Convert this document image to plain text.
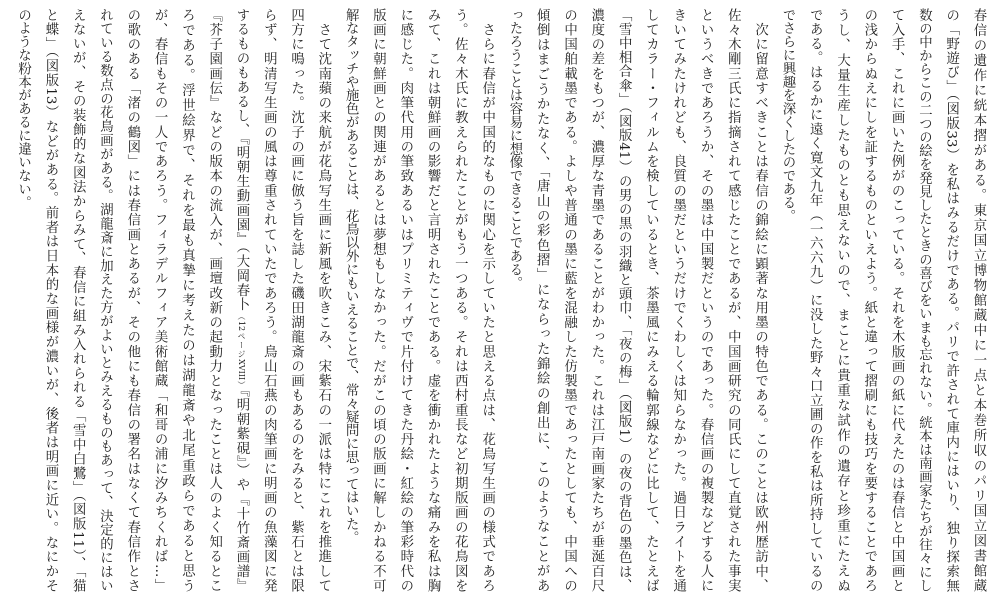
春信の遺作に絖本摺がある。東京国立博物館蔵中に一点と本巻所収のパリ国立図書館蔵
の「野遊び」（図版33）を私はみるだけである。パリで許されて庫内にはいり、独り探索無
数の中からこの二つの絵を発見したときの喜びをいまも忘れない。絖本は南画家たちが往々にし
て入手、これに画いた例がのこっている。それを木版画の紙に代えたのは春信と中国画と
の浅からぬえにしを証するものといえよう。紙と違って摺刷にも技巧を要することであろ
うし、大量生産したものとも思えないので、まことに貴重な試作の遺存と珍重にたえぬ
である。はるかに遠く寛文九年（一六六九）に没した野々口立圃の作を私は所持しているの
でさらに興趣を深くしたのである。
　次に留意すべきことは春信の錦絵に顕著な用墨の特色である。このことは欧州歴訪中、
佐々木剛三氏に指摘されて感じたことであるが、中国画研究の同氏にして直覚された事実
というべきであろうか、その墨は中国製だというのであった。春信画の複製などする人に
きいてみたけれども、良質の墨だというだけでくわしくは知らなかった。過日ライトを通
してカラー・フィルムを検しているとき、茶墨風にみえる輪郭線などに比して、たとえば
「雪中相合傘」（図版41）の男の黒の羽織と頭巾、「夜の梅」（図版1）の夜の背色の墨色は、
濃度の差をもつが、濃厚な青墨であることがわかった。これは江戸南画家たちが垂涎百尺
の中国舶載墨である。よしや普通の墨に藍を混融した仿製墨であったとしても、中国への
傾倒はまごうかたなく、「唐山の彩色摺」にならった錦絵の創出に、このようなことがあ
ったろうことは容易に想像できることである。
　さらに春信が中国的なものに関心を示していたと思える点は、花鳥写生画の様式であろ
う。佐々木氏に教えられたことがもう一つある。それは西村重長など初期版画の花鳥図を
みて、これは朝鮮画の影響だと言明されたことである。虚を衝かれたような痛みを私は胸
に感じた。肉筆代用の筆致あるいはプリミティヴで片付けてきた丹絵・紅絵の筆彩時代の
版画に朝鮮画との関連があるとは夢想もしなかった。だがこの頃の版画に解しかねる不可
解なタッチや施色があることは、花鳥以外にもいえることで、常々疑問に思ってはいた。
　さて沈南蘋の来航が花鳥写生画に新風を吹きこみ、宋紫石の一派は特にこれを推進して
四方に鳴った。沈子の画に倣う旨を誌した磯田湖龍斎の画もあるのをみると、紫石とは限
らず、明清写生画の風は尊重されていたであろう。鳥山石燕の肉筆画に明画の魚藻図に発
するものもあるし、『明朝生動画園』（大岡春卜（12ページXVIII）『明朝紫硯』）や『十竹斎画譜』
『芥子園画伝』などの版本の流入が、画壇改新の起動力となったことは人のよく知るとこ
ろである。浮世絵界で、それを最も真摯に考えたのは湖龍斎や北尾重政らであると思う
が、春信もその一人であろう。フィラデルフィア美術館蔵「和哥の浦に汐みちくれば…」
の歌のある「渚の鶴図」には春信画とあるが、その他にも春信の署名はなくて春信作とさ
れている数点の花鳥画がある。湖龍斎に加えた方がよいとみえるものもあって、決定的にはい
えないが、その装飾的な図法からみて、春信に組み入れられる「雪中白鷺」（図版11）、「猫
と蝶」（図版13）などがある。前者は日本的な画様が濃いが、後者は明画に近い。なにかそ
のような粉本があるに違いない。
